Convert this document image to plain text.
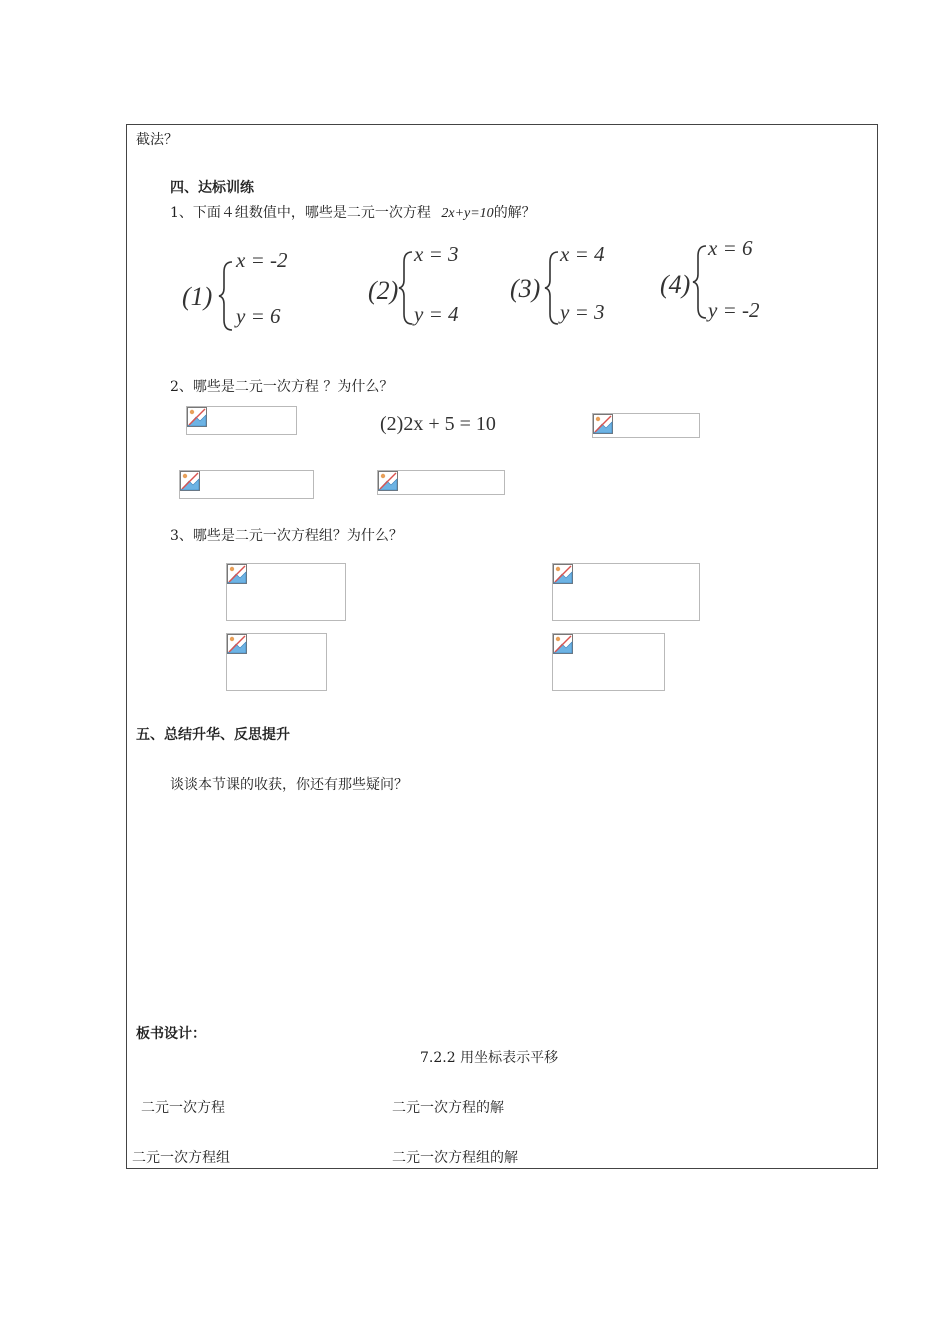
截法？
四、达标训练
1、下面４组数值中，哪些是二元一次方程 2x+y=10的解？
(1)
x = -2
y = 6
(2)
x = 3
y = 4
(3)
x = 4
y = 3
(4)
x = 6
y = -2
2、哪些是二元一次方程 ？为什么？
(2)2x + 5 = 10
3、哪些是二元一次方程组？为什么？
五、总结升华、反思提升
谈谈本节课的收获，你还有那些疑问？
板书设计：
7.2.2 用坐标表示平移
二元一次方程	二元一次方程的解
二元一次方程组	二元一次方程组的解
